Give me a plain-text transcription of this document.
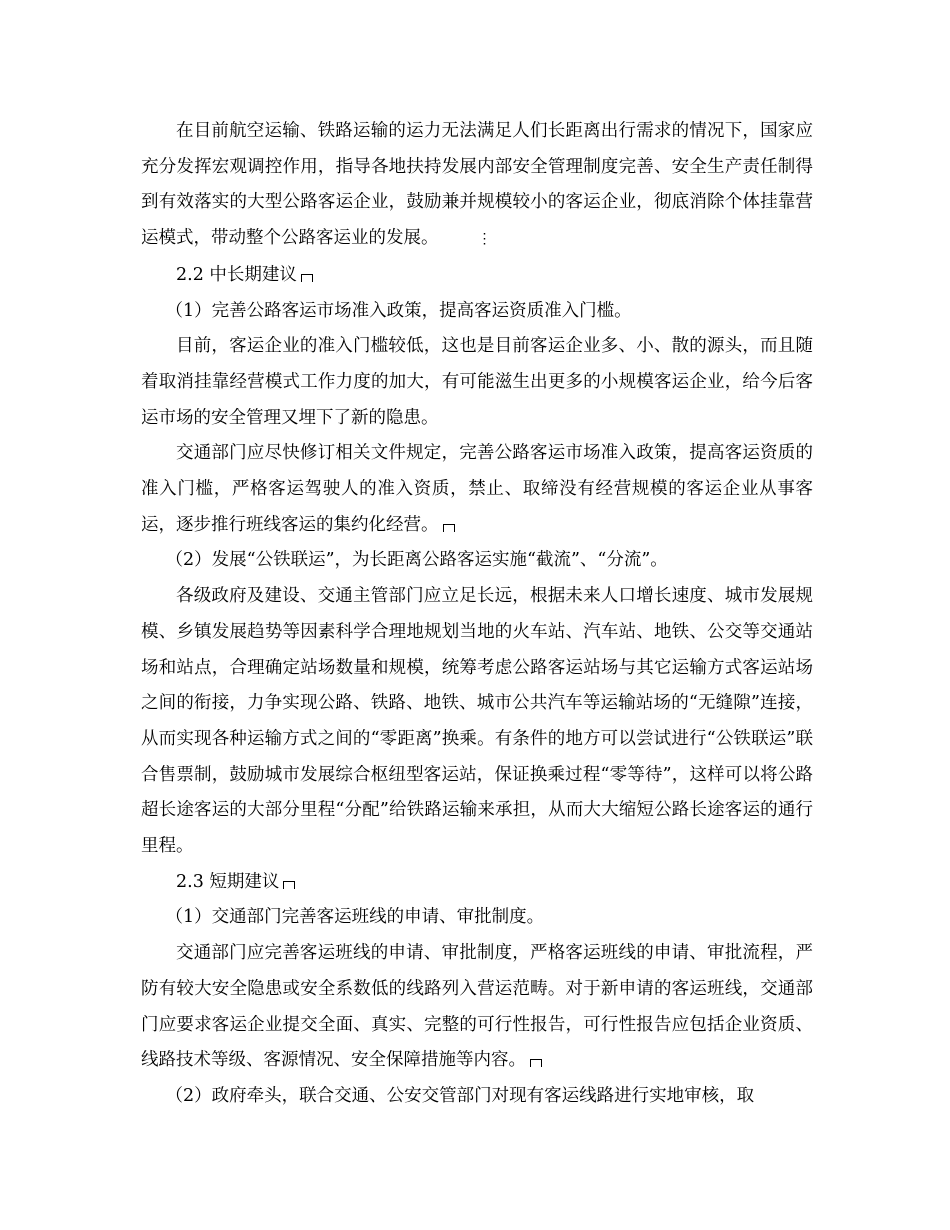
在目前航空运输、铁路运输的运力无法满足人们长距离出行需求的情况下，国家应充分发挥宏观调控作用，指导各地扶持发展内部安全管理制度完善、安全生产责任制得到有效落实的大型公路客运企业，鼓励兼并规模较小的客运企业，彻底消除个体挂靠营运模式，带动整个公路客运业的发展。	⋮

2.2 中长期建议

（1）完善公路客运市场准入政策，提高客运资质准入门槛。

目前，客运企业的准入门槛较低，这也是目前客运企业多、小、散的源头，而且随着取消挂靠经营模式工作力度的加大，有可能滋生出更多的小规模客运企业，给今后客运市场的安全管理又埋下了新的隐患。

交通部门应尽快修订相关文件规定，完善公路客运市场准入政策，提高客运资质的准入门槛，严格客运驾驶人的准入资质，禁止、取缔没有经营规模的客运企业从事客运，逐步推行班线客运的集约化经营。

（2）发展“公铁联运”，为长距离公路客运实施“截流”、“分流”。

各级政府及建设、交通主管部门应立足长远，根据未来人口增长速度、城市发展规模、乡镇发展趋势等因素科学合理地规划当地的火车站、汽车站、地铁、公交等交通站场和站点，合理确定站场数量和规模，统筹考虑公路客运站场与其它运输方式客运站场之间的衔接，力争实现公路、铁路、地铁、城市公共汽车等运输站场的“无缝隙”连接，从而实现各种运输方式之间的“零距离”换乘。有条件的地方可以尝试进行“公铁联运”联合售票制，鼓励城市发展综合枢纽型客运站，保证换乘过程“零等待”，这样可以将公路超长途客运的大部分里程“分配”给铁路运输来承担，从而大大缩短公路长途客运的通行里程。

2.3 短期建议

（1）交通部门完善客运班线的申请、审批制度。

交通部门应完善客运班线的申请、审批制度，严格客运班线的申请、审批流程，严防有较大安全隐患或安全系数低的线路列入营运范畴。对于新申请的客运班线，交通部门应要求客运企业提交全面、真实、完整的可行性报告，可行性报告应包括企业资质、线路技术等级、客源情况、安全保障措施等内容。

（2）政府牵头，联合交通、公安交管部门对现有客运线路进行实地审核，取
